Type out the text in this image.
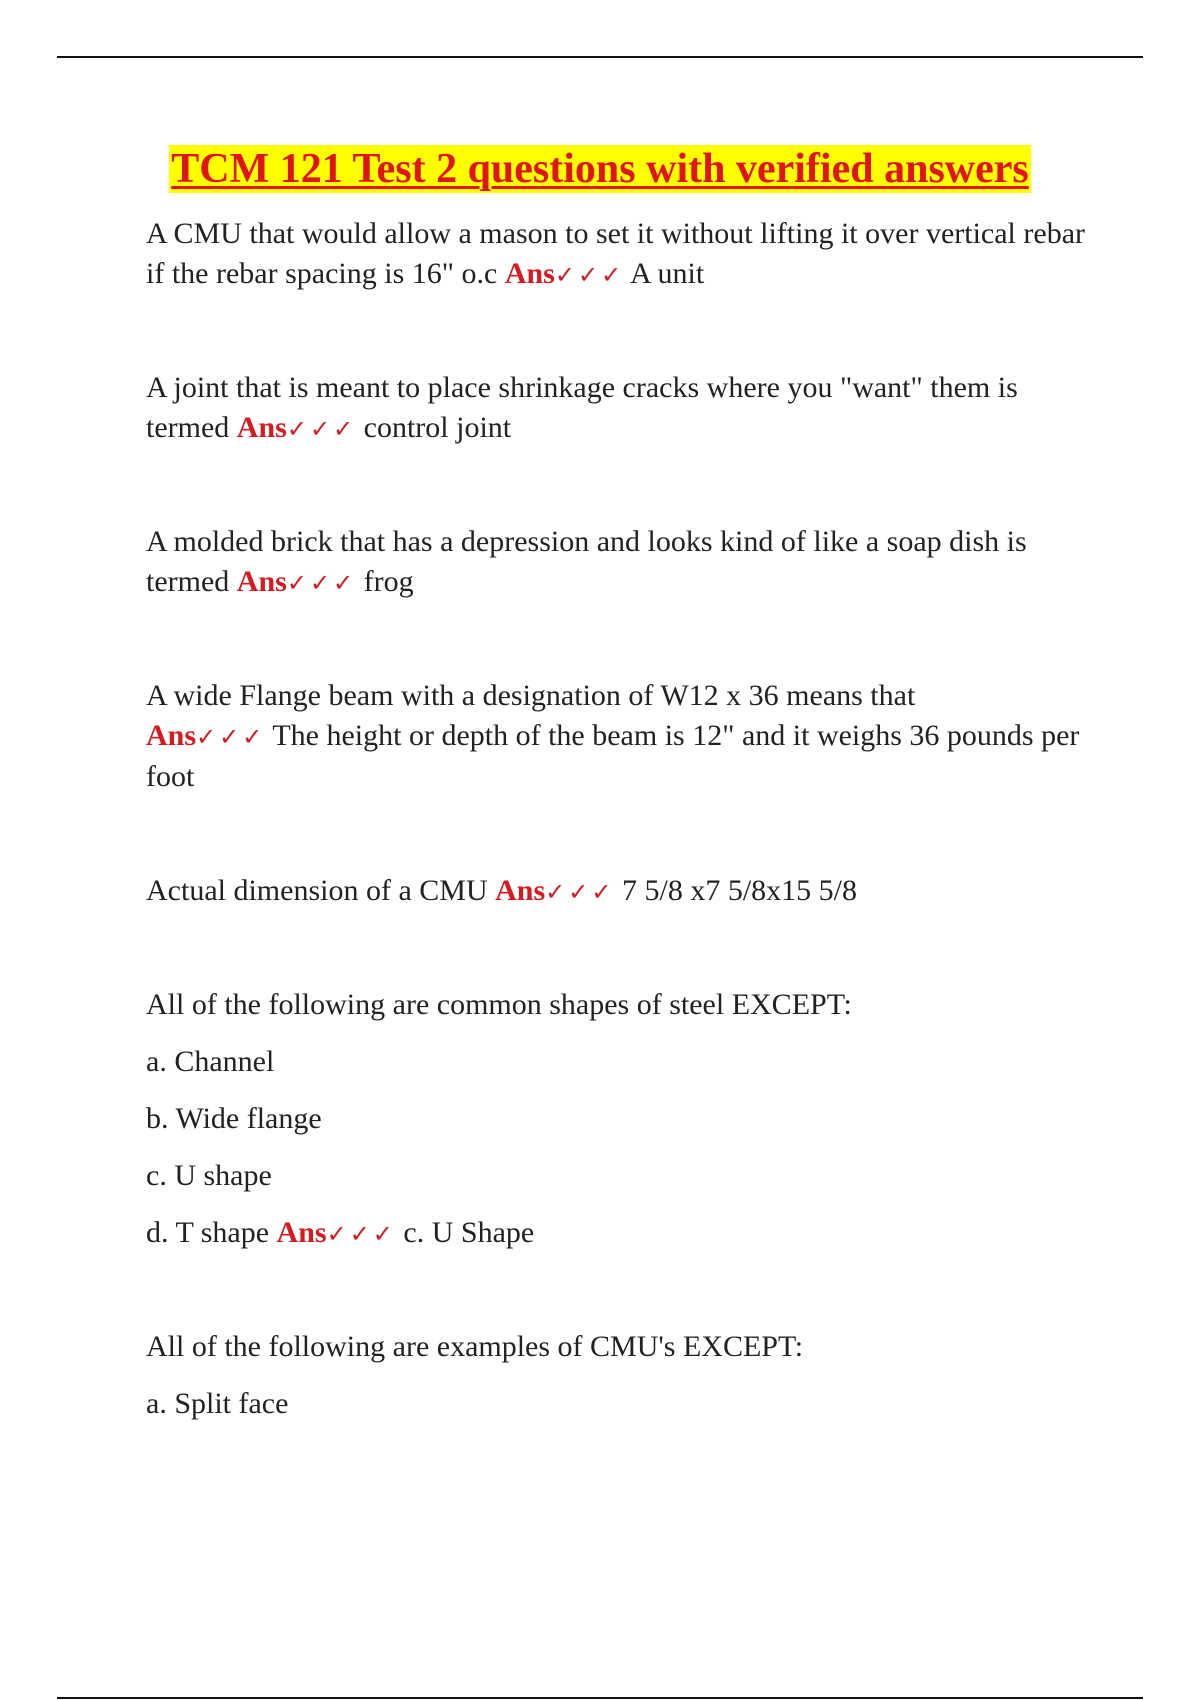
TCM 121 Test 2 questions with verified answers
A CMU that would allow a mason to set it without lifting it over vertical rebar if the rebar spacing is 16" o.c Ans✓✓✓ A unit
A joint that is meant to place shrinkage cracks where you "want" them is termed Ans✓✓✓ control joint
A molded brick that has a depression and looks kind of like a soap dish is termed Ans✓✓✓ frog
A wide Flange beam with a designation of W12 x 36 means that
Ans✓✓✓ The height or depth of the beam is 12" and it weighs 36 pounds per foot
Actual dimension of a CMU Ans✓✓✓ 7 5/8 x7 5/8x15 5/8
All of the following are common shapes of steel EXCEPT:
a. Channel
b. Wide flange
c. U shape
d. T shape Ans✓✓✓ c. U Shape
All of the following are examples of CMU's EXCEPT:
a. Split face
